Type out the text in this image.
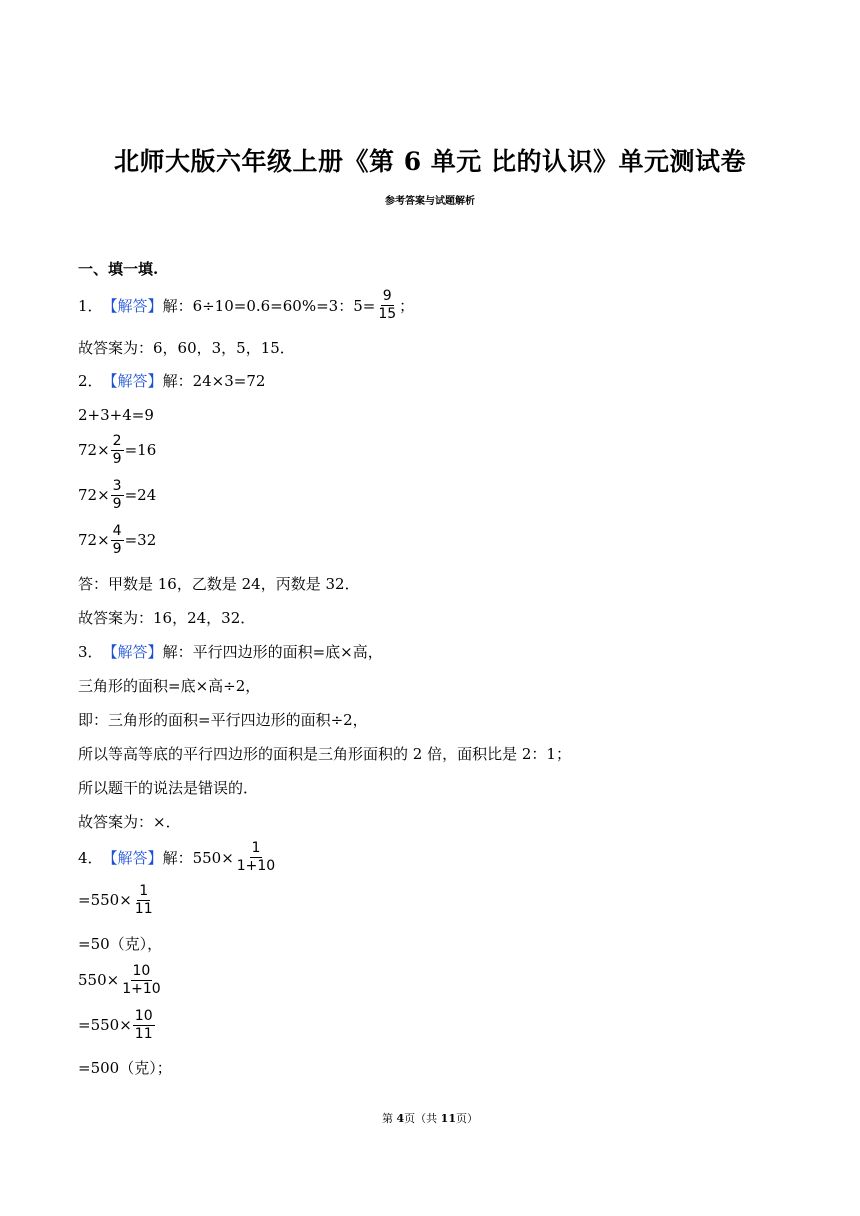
北师大版六年级上册《第 6 单元 比的认识》单元测试卷
参考答案与试题解析
一、填一填.
1． 【解答】 解：6÷10=0.6=60%=3：$5= \frac{9}{15}$ ；
故答案为：6，60，3，5，15．
2． 【解答】 解：24×3=72
2+3+4=9
$72\times \frac{2}{9} =16$
$72\times \frac{3}{9} =24$
$72\times \frac{4}{9} =32$
答：甲数是 16，乙数是 24，丙数是 32．
故答案为：16，24，32．
3． 【解答】 解：平行四边形的面积=底×高，
三角形的面积=底×高÷2，
即：三角形的面积=平行四边形的面积÷2，
所以等高等底的平行四边形的面积是三角形面积的 2 倍，面积比是 2：1；
所以题干的说法是错误的．
故答案为：×．
4． 【解答】 解：$550\times \frac{1}{1+10}$
$=550\times \frac{1}{11}$
=50（克），
$550\times \frac{10}{1+10}$
$=550\times \frac{10}{11}$
=500（克）；
第 4页（共 11页）
